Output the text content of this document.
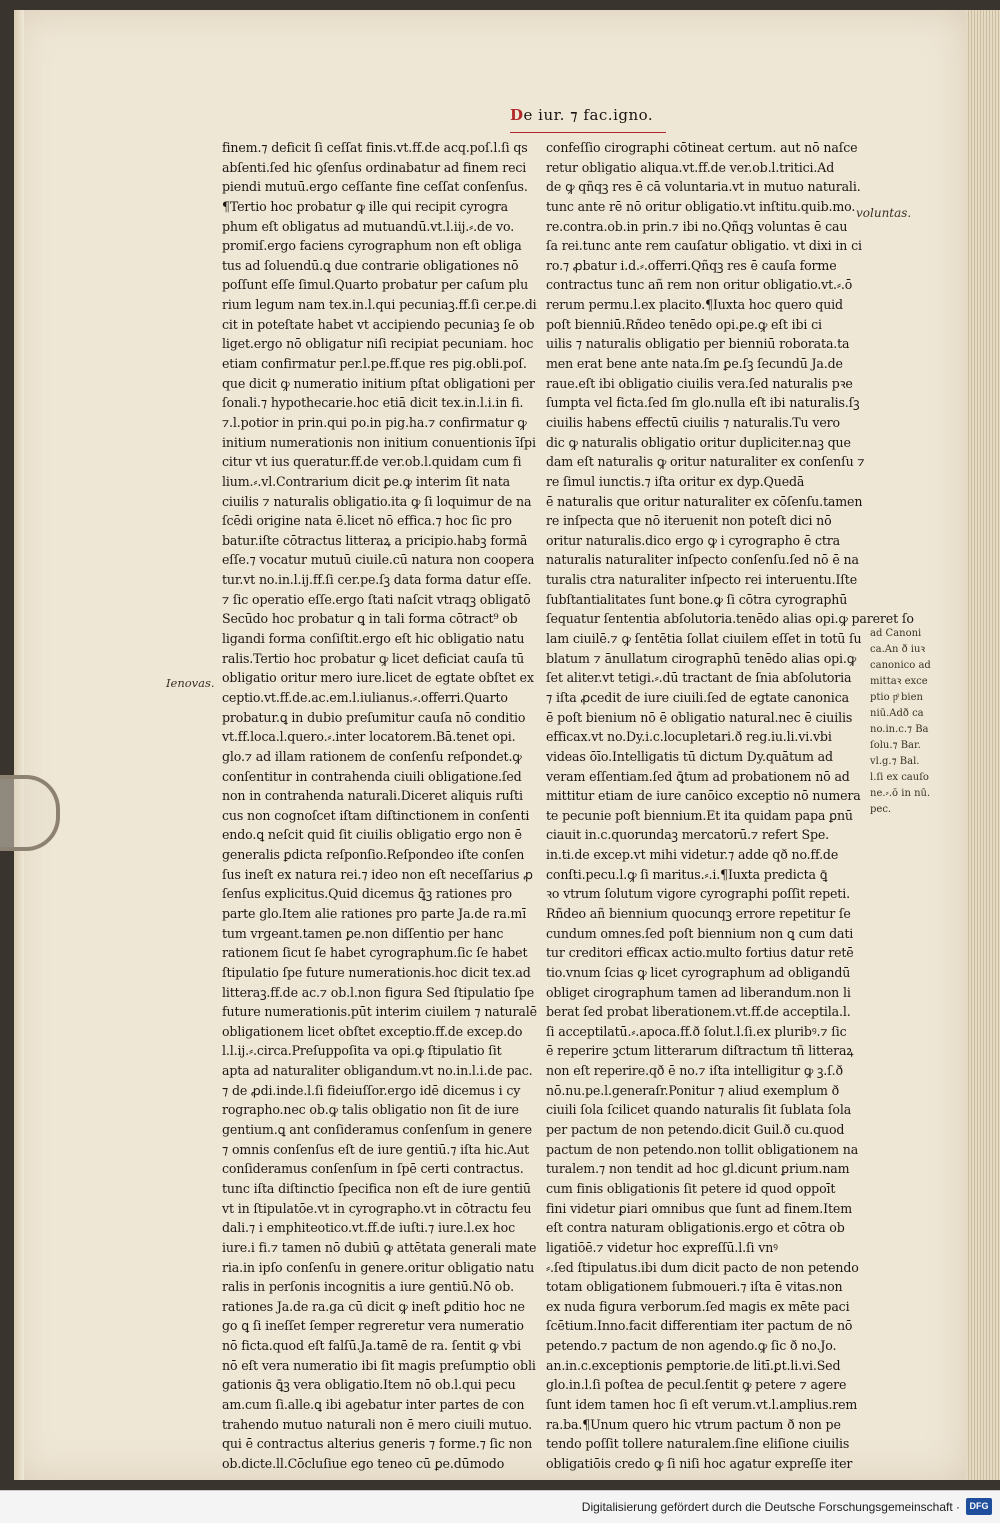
De iur. ⁊ fac.igno.
finem.⁊ deficit ſi ceſſat finis.vt.ff.de acq.poſ.l.ſi qs
abſenti.ſed hic ꝯſenſus ordinabatur ad finem reci
piendi mutuū.ergo ceſſante fine ceſſat conſenſus.
¶Tertio hoc probatur ꝙ ille qui recipit cyrogra
phum eſt obligatus ad mutuandū.vt.l.iij.⸗.de vo.
promiſ.ergo faciens cyrographum non eſt obliga
tus ad ſoluendū.ꝗ due contrarie obligationes nō
poſſunt eſſe ſimul.Quarto probatur per caſum plu
rium legum nam tex.in.l.qui pecuniaꝫ.ff.ſi cer.pe.di
cit in poteſtate habet vt accipiendo pecuniaꝫ ſe ob
liget.ergo nō obligatur niſi recipiat pecuniam. hoc
etiam confirmatur per.l.pe.ff.que res pig.obli.poſ.
que dicit ꝙ numeratio initium pſtat obligationi per
ſonali.⁊ hypothecarie.hoc etiā dicit tex.in.l.i.in fi.
⁊.l.potior in prin.qui po.in pig.ha.⁊ confirmatur ꝙ
initium numerationis non initium conuentionis īſpi
citur vt ius queratur.ff.de ver.ob.l.quidam cum fi
lium.⸗.vl.Contrarium dicit ꝑe.ꝙ interim ſit nata
ciuilis ⁊ naturalis obligatio.ita ꝙ ſi loquimur de na
ſcēdi origine nata ē.licet nō effica.⁊ hoc ſic pro
batur.iſte cōtractus litteraꝝ a pricipio.habꝫ formā
eſſe.⁊ vocatur mutuū ciuile.cū natura non coopera
tur.vt no.in.l.ij.ff.ſi cer.pe.ſꝫ data forma datur eſſe.
⁊ ſic operatio eſſe.ergo ſtati naſcit vtraqꝫ obligatō
Secūdo hoc probatur ꝗ in tali forma cōtract⁹ ob
ligandi forma conſiſtit.ergo eſt hic obligatio natu
ralis.Tertio hoc probatur ꝙ licet deficiat cauſa tū
obligatio oritur mero iure.licet de egtate obſtet ex
ceptio.vt.ff.de.ac.em.l.iulianus.⸗.offerri.Quarto
probatur.ꝗ in dubio preſumitur cauſa nō conditio
vt.ff.loca.l.quero.⸗.inter locatorem.Bā.tenet opi.
glo.⁊ ad illam rationem de conſenſu reſpondet.ꝙ
conſentitur in contrahenda ciuili obligatione.ſed
non in contrahenda naturali.Diceret aliquis ruſti
cus non cognoſcet iſtam diſtinctionem in conſenti
endo.ꝗ neſcit quid ſit ciuilis obligatio ergo non ē
generalis ꝑdicta reſponſio.Reſpondeo iſte conſen
ſus ineſt ex natura rei.⁊ ideo non eſt neceſſarius ꝓ
ſenſus explicitus.Quid dicemus ꝗ̄ꝫ rationes pro
parte glo.Item alie rationes pro parte Ja.de ra.mī
tum vrgeant.tamen ꝑe.non diſſentio per hanc
rationem ſicut ſe habet cyrographum.ſic ſe habet
ſtipulatio ſpe future numerationis.hoc dicit tex.ad
litteraꝫ.ff.de ac.⁊ ob.l.non figura Sed ſtipulatio ſpe
future numerationis.pūt interim ciuilem ⁊ naturalē
obligationem licet obſtet exceptio.ff.de excep.do
l.l.ij.⸗.circa.Preſuppoſita va opi.ꝙ ſtipulatio ſit
apta ad naturaliter obligandum.vt no.in.l.i.de pac.
⁊ de ꝓdi.inde.l.ſi fideiuſſor.ergo idē dicemus i cy
rographo.nec ob.ꝙ talis obligatio non ſit de iure
gentium.ꝗ ant conſideramus conſenſum in genere
⁊ omnis conſenſus eſt de iure gentiū.⁊ iſta hic.Aut
conſideramus conſenſum in ſpē certi contractus.
tunc iſta diſtinctio ſpecifica non eſt de iure gentiū
vt in ſtipulatōe.vt in cyrographo.vt in cōtractu feu
dali.⁊ i emphiteotico.vt.ff.de iuſti.⁊ iure.l.ex hoc
iure.i fi.⁊ tamen nō dubiū ꝙ attētata generali mate
ria.in ipſo conſenſu in genere.oritur obligatio natu
ralis in perſonis incognitis a iure gentiū.Nō ob.
rationes Ja.de ra.ga cū dicit ꝙ ineſt ꝑditio hoc ne
go ꝗ ſi ineſſet ſemper regreretur vera numeratio
nō ficta.quod eſt falſū.Ja.tamē de ra. ſentit ꝙ vbi
nō eſt vera numeratio ibi ſit magis preſumptio obli
gationis ꝗ̄ꝫ vera obligatio.Item nō ob.l.qui pecu
am.cum ſi.alle.ꝗ ibi agebatur inter partes de con
trahendo mutuo naturali non ē mero ciuili mutuo.
qui ē contractus alterius generis ⁊ forme.⁊ ſic non
ob.dicte.ll.Cōcluſiue ego teneo cū ꝑe.dūmodo
confeſſio cirographi cōtineat certum. aut nō naſce
retur obligatio aliqua.vt.ff.de ver.ob.l.tritici.Ad
de ꝙ qñqꝫ res ē cā voluntaria.vt in mutuo naturali.
tunc ante rē nō oritur obligatio.vt inſtitu.quib.mo.
re.contra.ob.in prin.⁊ ibi no.Qñqꝫ voluntas ē cau
ſa rei.tunc ante rem cauſatur obligatio. vt dixi in ci
ro.⁊ ꝓbatur i.d.⸗.offerri.Qñqꝫ res ē cauſa forme
contractus tunc añ rem non oritur obligatio.vt.⸗.ō
rerum permu.l.ex placito.¶Iuxta hoc quero quid
poſt bienniū.Rñdeo tenēdo opi.ꝑe.ꝙ eſt ibi ci
uilis ⁊ naturalis obligatio per bienniū roborata.ta
men erat bene ante nata.ſm ꝑe.ſꝫ ſecundū Ja.de
raue.eſt ibi obligatio ciuilis vera.ſed naturalis pꝛe
ſumpta vel ficta.ſed ſm glo.nulla eſt ibi naturalis.ſꝫ
ciuilis habens effectū ciuilis ⁊ naturalis.Tu vero
dic ꝙ naturalis obligatio oritur dupliciter.naꝫ que
dam eſt naturalis ꝙ oritur naturaliter ex conſenſu ⁊
re ſimul iunctis.⁊ iſta oritur ex dyp.Quedā
ē naturalis que oritur naturaliter ex cōſenſu.tamen
re inſpecta que nō iteruenit non poteſt dici nō
oritur naturalis.dico ergo ꝙ i cyrographo ē ctra
naturalis naturaliter inſpecto conſenſu.ſed nō ē na
turalis ctra naturaliter inſpecto rei interuentu.Iſte
ſubſtantialitates ſunt bone.ꝙ ſi cōtra cyrographū
ſequatur ſententia abſolutoria.tenēdo alias opi.ꝙ pareret ſo
lam ciuilē.⁊ ꝙ ſentētia ſollat ciuilem eſſet in totū ſu
blatum ⁊ ānullatum cirographū tenēdo alias opi.ꝙ
ſet aliter.vt tetigi.⸗.dū tractant de ſnia abſolutoria
⁊ iſta ꝓcedit de iure ciuili.ſed de egtate canonica
ē poſt bienium nō ē obligatio natural.nec ē ciuilis
efficax.vt no.Dy.i.c.locupletari.ð reg.iu.li.vi.vbi
videas ōīo.Intelligatis tū dictum Dy.quātum ad
veram eſſentiam.ſed ꝗ̄tum ad probationem nō ad
mittitur etiam de iure canōico exceptio nō numera
te pecunie poſt biennium.Et ita quidam papa ꝑnū
ciauit in.c.quorundaꝫ mercatorū.⁊ refert Spe.
in.ti.de excep.vt mihi videtur.⁊ adde qð no.ff.de
conſti.pecu.l.ꝙ ſi maritus.⸗.i.¶Iuxta predicta ꝗ̄
ꝛo vtrum ſolutum vigore cyrographi poſſit repeti.
Rñdeo añ biennium quocunqꝫ errore repetitur ſe
cundum omnes.ſed poſt biennium non ꝗ cum dati
tur creditori efficax actio.multo fortius datur retē
tio.vnum ſcias ꝙ licet cyrographum ad obligandū
obliget cirographum tamen ad liberandum.non li
berat ſed probat liberationem.vt.ff.de acceptila.l.
ſi acceptilatū.⸗.apoca.ff.ð ſolut.l.ſi.ex pluribꝰ.⁊ ſic
ē reperire ꝫctum litterarum diſtractum tñ litteraꝝ
non eſt reperire.qð ē no.⁊ iſta intelligitur ꝙ ꝫ.ſ.ð
nō.nu.pe.l.generaſr.Ponitur ⁊ aliud exemplum ð
ciuili ſola ſcilicet quando naturalis ſit ſublata ſola
per pactum de non petendo.dicit Guil.ð cu.quod
pactum de non petendo.non tollit obligationem na
turalem.⁊ non tendit ad hoc gl.dicunt ꝑrium.nam
cum finis obligationis ſit petere id quod oppoīt
fini videtur ꝑiari omnibus que ſunt ad finem.Item
eſt contra naturam obligationis.ergo et cōtra ob
ligatiōē.⁊ videtur hoc expreſſū.l.ſi vnꝰ
⸗.ſed ſtipulatus.ibi dum dicit pacto de non petendo
totam obligationem ſubmoueri.⁊ iſta ē vitas.non
ex nuda figura verborum.ſed magis ex mēte paci
ſcētium.Inno.facit differentiam iter pactum de nō
petendo.⁊ pactum de non agendo.ꝙ ſic ð no.Jo.
an.in.c.exceptionis ꝑemptorie.de litī.ꝑt.li.vi.Sed
glo.in.l.ſi poſtea de pecul.ſentit ꝙ petere ⁊ agere
ſunt idem tamen hoc ſi eſt verum.vt.l.amplius.rem
ra.ba.¶Unum quero hic vtrum pactum ð non pe
tendo poſſit tollere naturalem.ſine eliſione ciuilis
obligatiōis credo ꝙ ſi niſi hoc agatur expreſſe iter
voluntas.
Ienovas.
ad Canoni
ca.An ð iuꝛ
canonico ad
mittaꝛ exce
ptio pͦ bien
niū.Adð ca
no.in.c.⁊ Ba
ſolu.⁊ Bar.
vl.g.⁊ Bal.
l.ſi ex cauſo
ne.⸗.ō in nū.
pec.
Digitalisierung gefördert durch die Deutsche Forschungsgemeinschaft ·	DFG
